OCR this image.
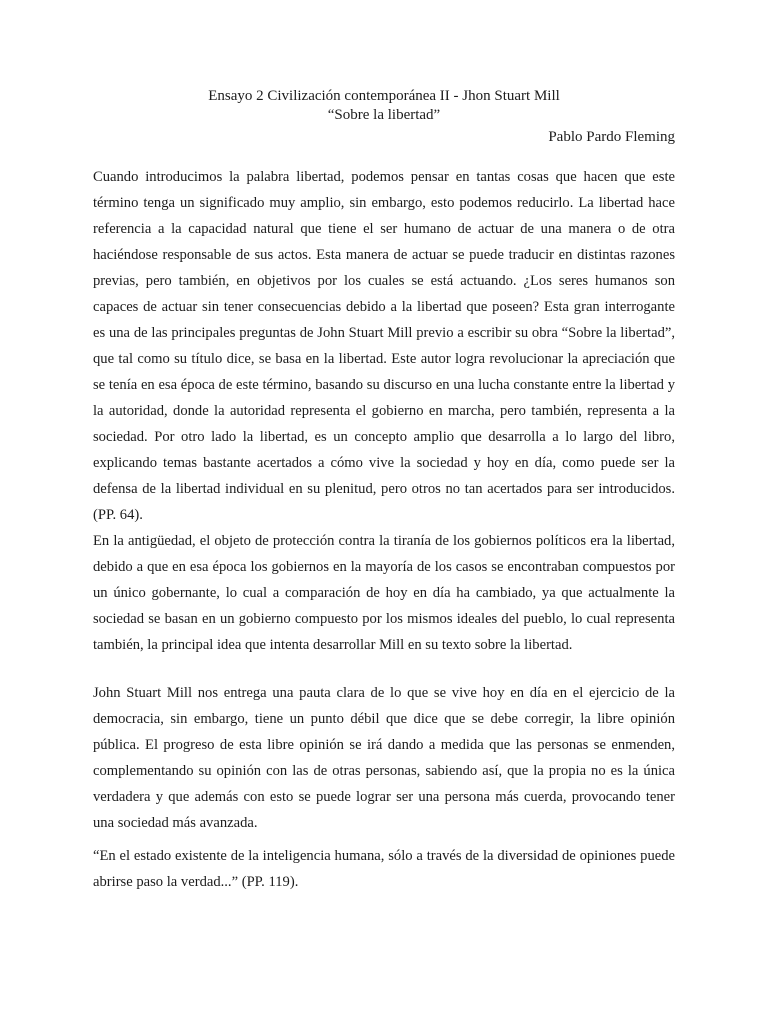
Ensayo 2 Civilización contemporánea II - Jhon Stuart Mill
“Sobre la libertad”
Pablo Pardo Fleming
Cuando introducimos la palabra libertad, podemos pensar en tantas cosas que hacen que este término tenga un significado muy amplio, sin embargo, esto podemos reducirlo. La libertad hace referencia a la capacidad natural que tiene el ser humano de actuar de una manera o de otra haciéndose responsable de sus actos. Esta manera de actuar se puede traducir en distintas razones previas, pero también, en objetivos por los cuales se está actuando. ¿Los seres humanos son capaces de actuar sin tener consecuencias debido a la libertad que poseen? Esta gran interrogante es una de las principales preguntas de John Stuart Mill previo a escribir su obra “Sobre la libertad”, que tal como su título dice, se basa en la libertad. Este autor logra revolucionar la apreciación que se tenía en esa época de este término, basando su discurso en una lucha constante entre la libertad y la autoridad, donde la autoridad representa el gobierno en marcha, pero también, representa a la sociedad. Por otro lado la libertad, es un concepto amplio que desarrolla a lo largo del libro, explicando temas bastante acertados a cómo vive la sociedad y hoy en día, como puede ser la defensa de la libertad individual en su plenitud, pero otros no tan acertados para ser introducidos. (PP. 64).
En la antigüedad, el objeto de protección contra la tiranía de los gobiernos políticos era la libertad, debido a que en esa época los gobiernos en la mayoría de los casos se encontraban compuestos por un único gobernante, lo cual a comparación de hoy en día ha cambiado, ya que actualmente la sociedad se basan en un gobierno compuesto por los mismos ideales del pueblo, lo cual representa también, la principal idea que intenta desarrollar Mill en su texto sobre la libertad.
John Stuart Mill nos entrega una pauta clara de lo que se vive hoy en día en el ejercicio de la democracia, sin embargo, tiene un punto débil que dice que se debe corregir, la libre opinión pública. El progreso de esta libre opinión se irá dando a medida que las personas se enmenden, complementando su opinión con las de otras personas, sabiendo así, que la propia no es la única verdadera y que además con esto se puede lograr ser una persona más cuerda, provocando tener una sociedad más avanzada.
“En el estado existente de la inteligencia humana, sólo a través de la diversidad de opiniones puede abrirse paso la verdad...” (PP. 119).
